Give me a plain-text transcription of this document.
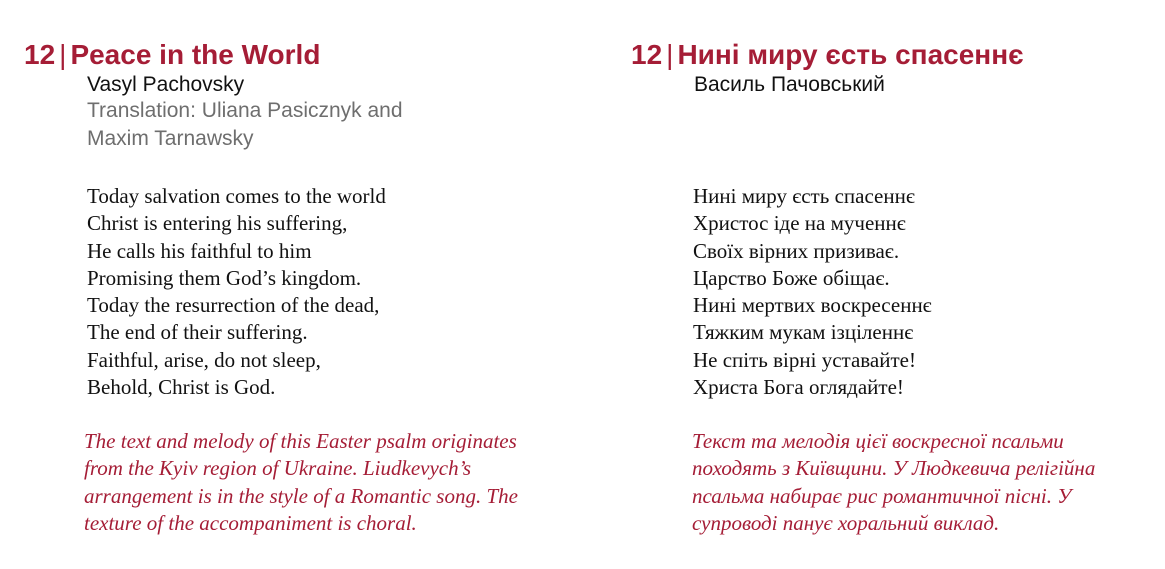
12 | Peace in the World
Vasyl Pachovsky
Translation: Uliana Pasicznyk and Maxim Tarnawsky
Today salvation comes to the world
Christ is entering his suffering,
He calls his faithful to him
Promising them God’s kingdom.
Today the resurrection of the dead,
The end of their suffering.
Faithful, arise, do not sleep,
Behold, Christ is God.
The text and melody of this Easter psalm originates
from the Kyiv region of Ukraine. Liudkevych’s
arrangement is in the style of a Romantic song. The
texture of the accompaniment is choral.
12 | Нині миру єсть спасеннє
Василь Пачовський
Нині миру єсть спасеннє
Христос іде на мученнє
Своїх вірних призиває.
Царство Боже обіщає.
Нині мертвих воскресеннє
Тяжким мукам ізціленнє
Не спіть вірні уставайте!
Христа Бога оглядайте!
Текст та мелодія цієї воскресної псальми
походять з Київщини. У Людкевича релігійна
псальма набирає рис романтичної пісні. У
супроводі панує хоральний виклад.
